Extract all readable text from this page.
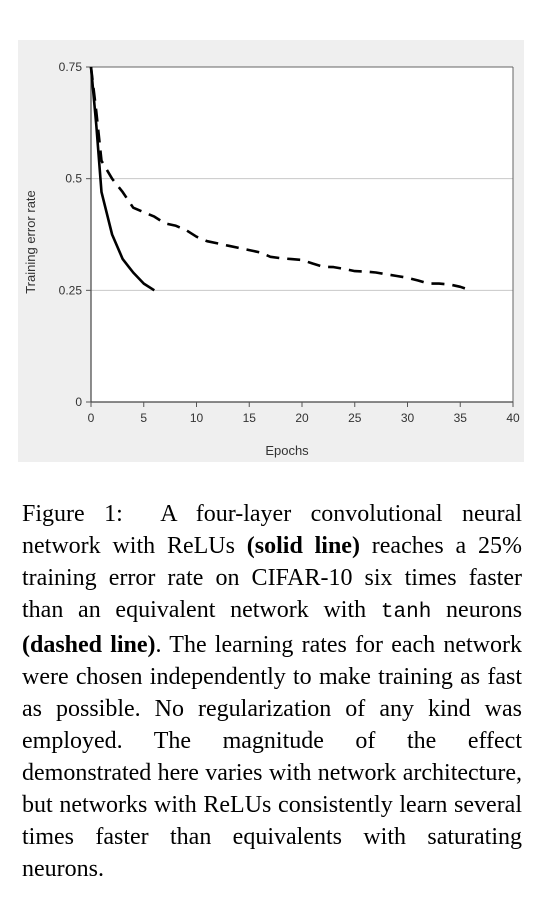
0
0.25
0.5
0.75
0	5	10	15	20	25	30	35	40
Epochs
Training error rate
Figure 1: A four-layer convolutional neural network with ReLUs (solid line) reaches a 25% training error rate on CIFAR-10 six times faster than an equivalent network with tanh neurons (dashed line). The learning rates for each network were chosen independently to make training as fast as possible. No regularization of any kind was employed. The magnitude of the effect demonstrated here varies with network architecture, but networks with ReLUs consistently learn several times faster than equivalents with saturating neurons.
